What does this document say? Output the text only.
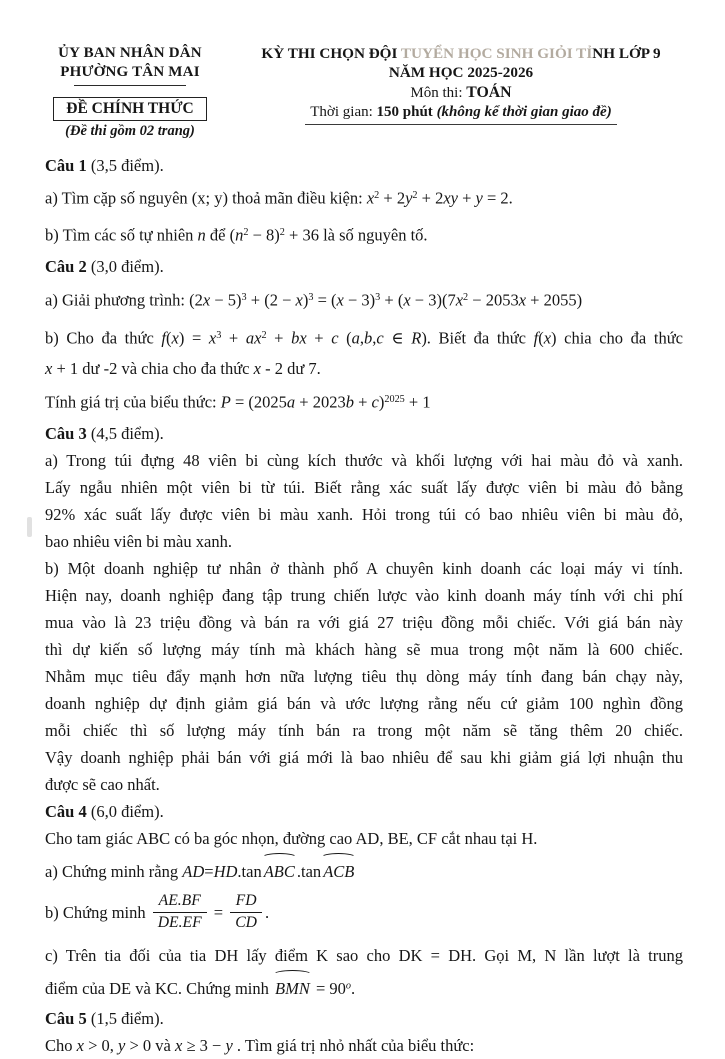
ỦY BAN NHÂN DÂN
PHƯỜNG TÂN MAI
ĐỀ CHÍNH THỨC
(Đề thi gồm 02 trang)
KỲ THI CHỌN ĐỘI TUYỂN HỌC SINH GIỎI TỈNH LỚP 9
NĂM HỌC 2025-2026
Môn thi: TOÁN
Thời gian: 150 phút (không kể thời gian giao đề)
Câu 1 (3,5 điểm).
a) Tìm cặp số nguyên (x; y) thoả mãn điều kiện: $x^2 + 2y^2 + 2xy + y = 2$.
b) Tìm các số tự nhiên n để $(n^2 - 8)^2 + 36$ là số nguyên tố.
Câu 2 (3,0 điểm).
a) Giải phương trình: $(2x - 5)^3 + (2 - x)^3 = (x - 3)^3 + (x - 3)(7x^2 - 2053x + 2055)$
b) Cho đa thức $f(x) = x^3 + ax^2$ + bx + c (a,b,c ∈ R). Biết đa thức f(x) chia cho đa thức
x + 1 dư -2 và chia cho đa thức x - 2 dư 7.
Tính giá trị của biểu thức: $P = (2025a + 2023b + c)^{2025} + 1$
Câu 3 (4,5 điểm).
a) Trong túi đựng 48 viên bi cùng kích thước và khối lượng với hai màu đỏ và xanh.
Lấy ngẫu nhiên một viên bi từ túi. Biết rằng xác suất lấy được viên bi màu đỏ bằng
92% xác suất lấy được viên bi màu xanh. Hỏi trong túi có bao nhiêu viên bi màu đỏ,
bao nhiêu viên bi màu xanh.
b) Một doanh nghiệp tư nhân ở thành phố A chuyên kinh doanh các loại máy vi tính.
Hiện nay, doanh nghiệp đang tập trung chiến lược vào kinh doanh máy tính với chi phí
mua vào là 23 triệu đồng và bán ra với giá 27 triệu đồng mỗi chiếc. Với giá bán này
thì dự kiến số lượng máy tính mà khách hàng sẽ mua trong một năm là 600 chiếc.
Nhằm mục tiêu đẩy mạnh hơn nữa lượng tiêu thụ dòng máy tính đang bán chạy này,
doanh nghiệp dự định giảm giá bán và ước lượng rằng nếu cứ giảm 100 nghìn đồng
mỗi chiếc thì số lượng máy tính bán ra trong một năm sẽ tăng thêm 20 chiếc.
Vậy doanh nghiệp phải bán với giá mới là bao nhiêu để sau khi giảm giá lợi nhuận thu
được sẽ cao nhất.
Câu 4 (6,0 điểm).
Cho tam giác ABC có ba góc nhọn, đường cao AD, BE, CF cắt nhau tại H.
a) Chứng minh rằng AD=HD.tan ABC .tan ACB
b) Chứng minh $\frac{AE.BF}{DE.EF} = \frac{FD}{CD}$ .
c) Trên tia đối của tia DH lấy điểm K sao cho DK = DH. Gọi M, N lần lượt là trung
điểm của DE và KC. Chứng minh BMN = $90^o$.
Câu 5 (1,5 điểm).
Cho x > 0, y > 0 và x ≥ 3 − y . Tìm giá trị nhỏ nhất của biểu thức:
